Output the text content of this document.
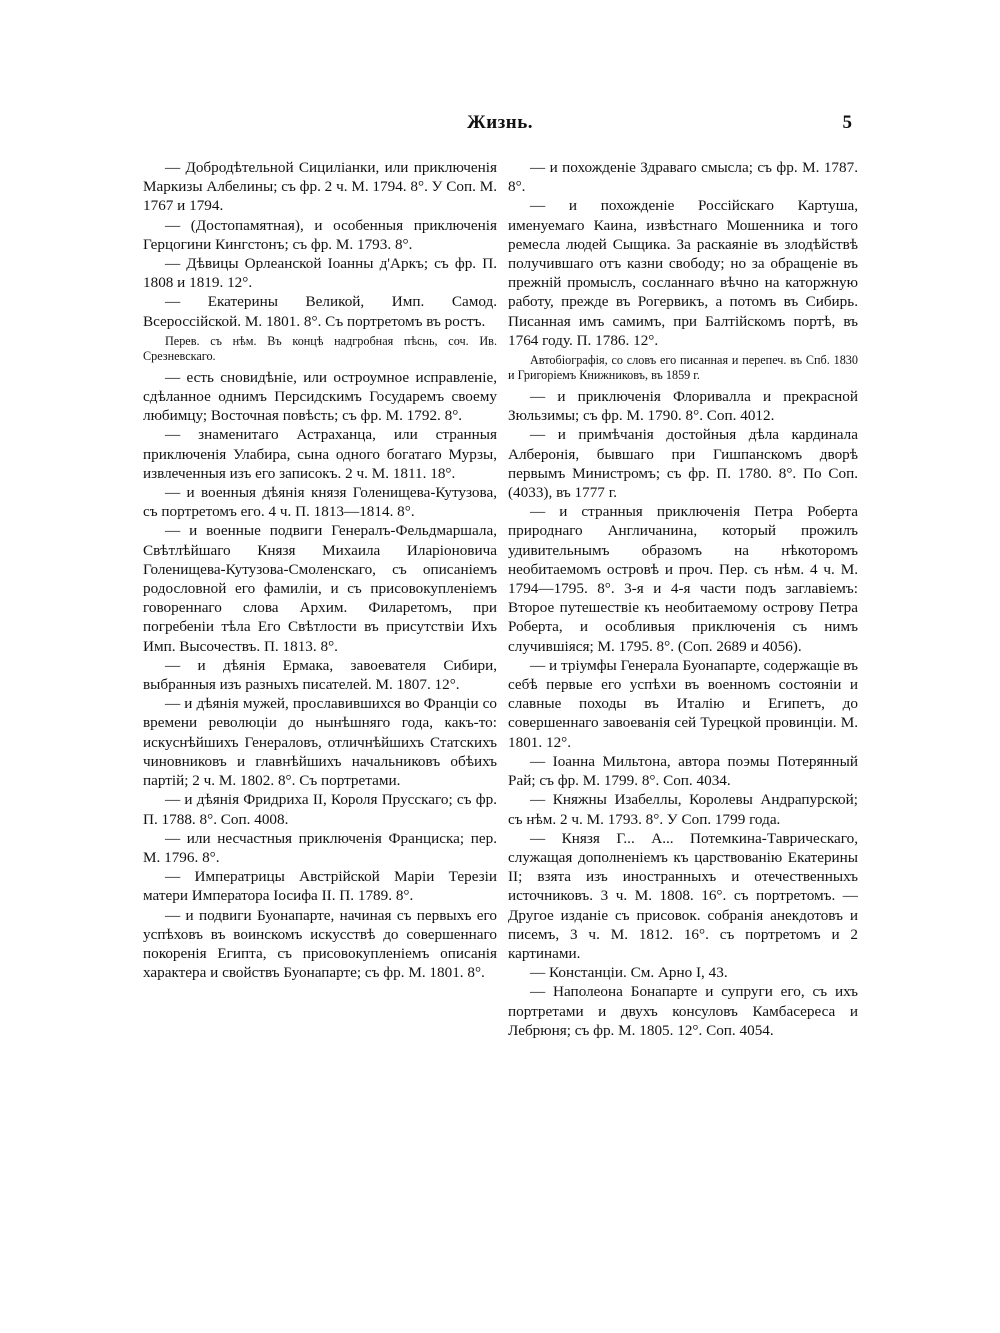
Жизнь.	5

— Добродѣтельной Сицилiанки, или приключенiя Маркизы Албелины; съ фр. 2 ч. М. 1794. 8°. У Соп. М. 1767 и 1794.

— (Достопамятная), и особенныя приключенiя Герцогини Кингстонъ; съ фр. М. 1793. 8°.

— Дѣвицы Орлеанской Iоанны д'Аркъ; съ фр. П. 1808 и 1819. 12°.

— Екатерины Великой, Имп. Самод. Всероссiйской. М. 1801. 8°. Съ портретомъ въ ростъ.

Перев. съ нѣм. Въ концѣ надгробная пѣснь, соч. Ив. Срезневскаго.

— есть сновидѣнiе, или остроумное исправленiе, сдѣланное однимъ Персидскимъ Государемъ своему любимцу; Восточная повѣсть; съ фр. М. 1792. 8°.

— знаменитаго Астраханца, или странныя приключенiя Улабира, сына одного богатаго Мурзы, извлеченныя изъ его записокъ. 2 ч. М. 1811. 18°.

— и военныя дѣянiя князя Голенищева-Кутузова, съ портретомъ его. 4 ч. П. 1813—1814. 8°.

— и военные подвиги Генералъ-Фельдмаршала, Свѣтлѣйшаго Князя Михаила Иларiоновича Голенищева-Кутузова-Смоленскаго, съ описанiемъ родословной его фамилiи, и съ присовокупленiемъ говореннаго слова Архим. Филаретомъ, при погребенiи тѣла Его Свѣтлости въ присутствiи Ихъ Имп. Высочествъ. П. 1813. 8°.

— и дѣянiя Ермака, завоевателя Сибири, выбранныя изъ разныхъ писателей. М. 1807. 12°.

— и дѣянiя мужей, прославившихся во Францiи со времени революцiи до нынѣшняго года, какъ-то: искуснѣйшихъ Генераловъ, отличнѣйшихъ Статскихъ чиновниковъ и главнѣйшихъ начальниковъ обѣихъ партiй; 2 ч. М. 1802. 8°. Съ портретами.

— и дѣянiя Фридриха II, Короля Прусскаго; съ фр. П. 1788. 8°. Соп. 4008.

— или несчастныя приключенiя Франциска; пер. М. 1796. 8°.

— Императрицы Австрiйской Марiи Терезiи матери Императора Iосифа II. П. 1789. 8°.

— и подвиги Буонапарте, начиная съ первыхъ его успѣховъ въ воинскомъ искусствѣ до совершеннаго покоренiя Египта, съ присовокупленiемъ описанiя характера и свойствъ Буонапарте; съ фр. М. 1801. 8°.

— и похожденiе Здраваго смысла; съ фр. М. 1787. 8°.

— и похожденiе Россiйскаго Картуша, именуемаго Каина, извѣстнаго Мошенника и того ремесла людей Сыщика. За раскаянiе въ злодѣйствѣ получившаго отъ казни свободу; но за обращенiе въ прежнiй промыслъ, сосланнаго вѣчно на каторжную работу, прежде въ Рогервикъ, а потомъ въ Сибирь. Писанная имъ самимъ, при Балтiйскомъ портѣ, въ 1764 году. П. 1786. 12°.

Автобiографiя, со словъ его писанная и перепеч. въ Спб. 1830 и Григорiемъ Книжниковъ, въ 1859 г.

— и приключенiя Флоривалла и прекрасной Зюльзимы; съ фр. М. 1790. 8°. Соп. 4012.

— и примѣчанiя достойныя дѣла кардинала Алберонiя, бывшаго при Гишпанскомъ дворѣ первымъ Министромъ; съ фр. П. 1780. 8°. По Соп. (4033), въ 1777 г.

— и странныя приключенiя Петра Роберта природнаго Англичанина, который прожилъ удивительнымъ образомъ на нѣкоторомъ необитаемомъ островѣ и проч. Пер. съ нѣм. 4 ч. М. 1794—1795. 8°. 3-я и 4-я части подъ заглавiемъ: Второе путешествiе къ необитаемому острову Петра Роберта, и особливыя приключенiя съ нимъ случившiяся; М. 1795. 8°. (Соп. 2689 и 4056).

— и трiумфы Генерала Буонапарте, содержащiе въ себѣ первые его успѣхи въ военномъ состоянiи и славные походы въ Италiю и Египетъ, до совершеннаго завоеванiя сей Турецкой провинцiи. М. 1801. 12°.

— Iоанна Мильтона, автора поэмы Потерянный Рай; съ фр. М. 1799. 8°. Соп. 4034.

— Княжны Изабеллы, Королевы Андрапурской; съ нѣм. 2 ч. М. 1793. 8°. У Соп. 1799 года.

— Князя Г... А... Потемкина-Таврическаго, служащая дополненiемъ къ царствованiю Екатерины II; взята изъ иностранныхъ и отечественныхъ источниковъ. 3 ч. М. 1808. 16°. съ портретомъ. — Другое изданiе съ присовок. собранiя анекдотовъ и писемъ, 3 ч. М. 1812. 16°. съ портретомъ и 2 картинами.

— Констанцiи. См. Арно I, 43.

— Наполеона Бонапарте и супруги его, съ ихъ портретами и двухъ консуловъ Камбасереса и Лебрюня; съ фр. М. 1805. 12°. Соп. 4054.
